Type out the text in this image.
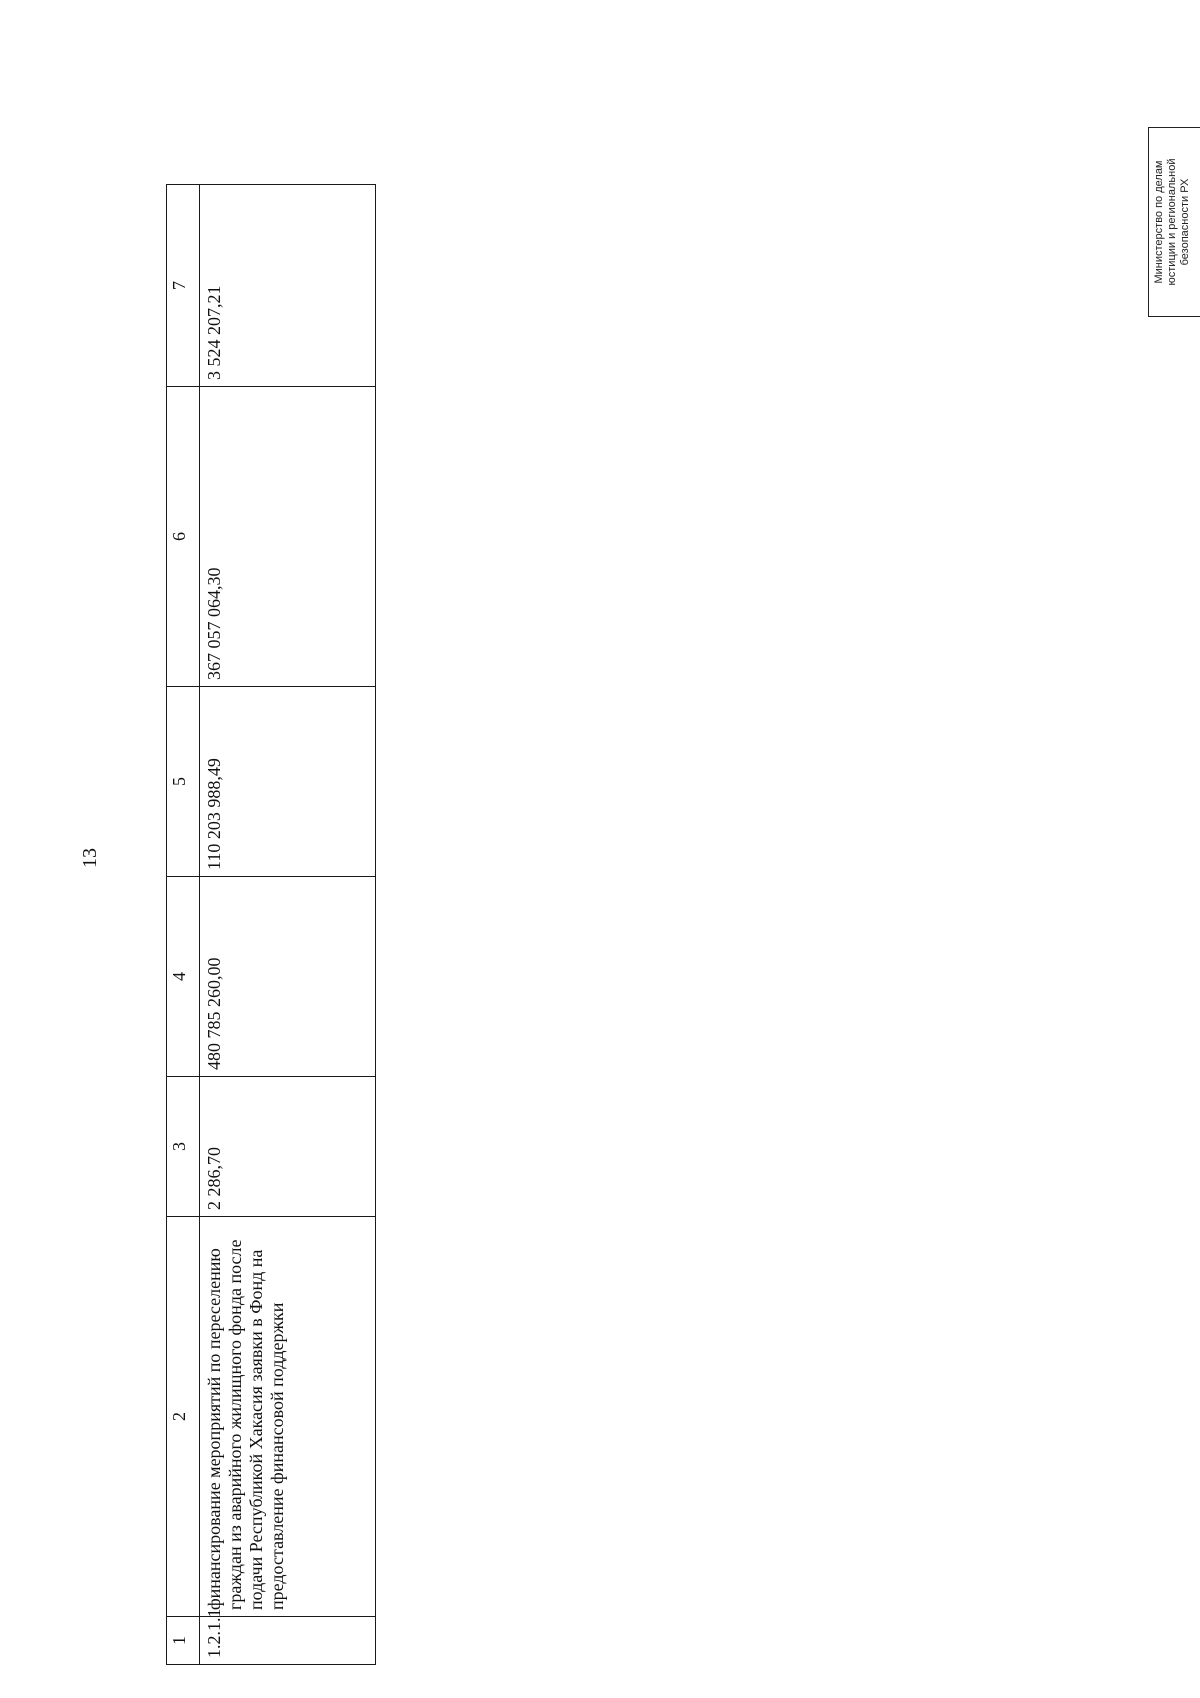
13
1	2	3	4	5	6	7
1.2.1.1	финансирование мероприятий по переселению граждан из аварийного жилищного фонда после подачи Республикой Хакасия заявки в Фонд на предоставление финансовой поддержки	2 286,70	480 785 260,00	110 203 988,49	367 057 064,30	3 524 207,21
Министерство по делам юстиции и региональной безопасности РХ
